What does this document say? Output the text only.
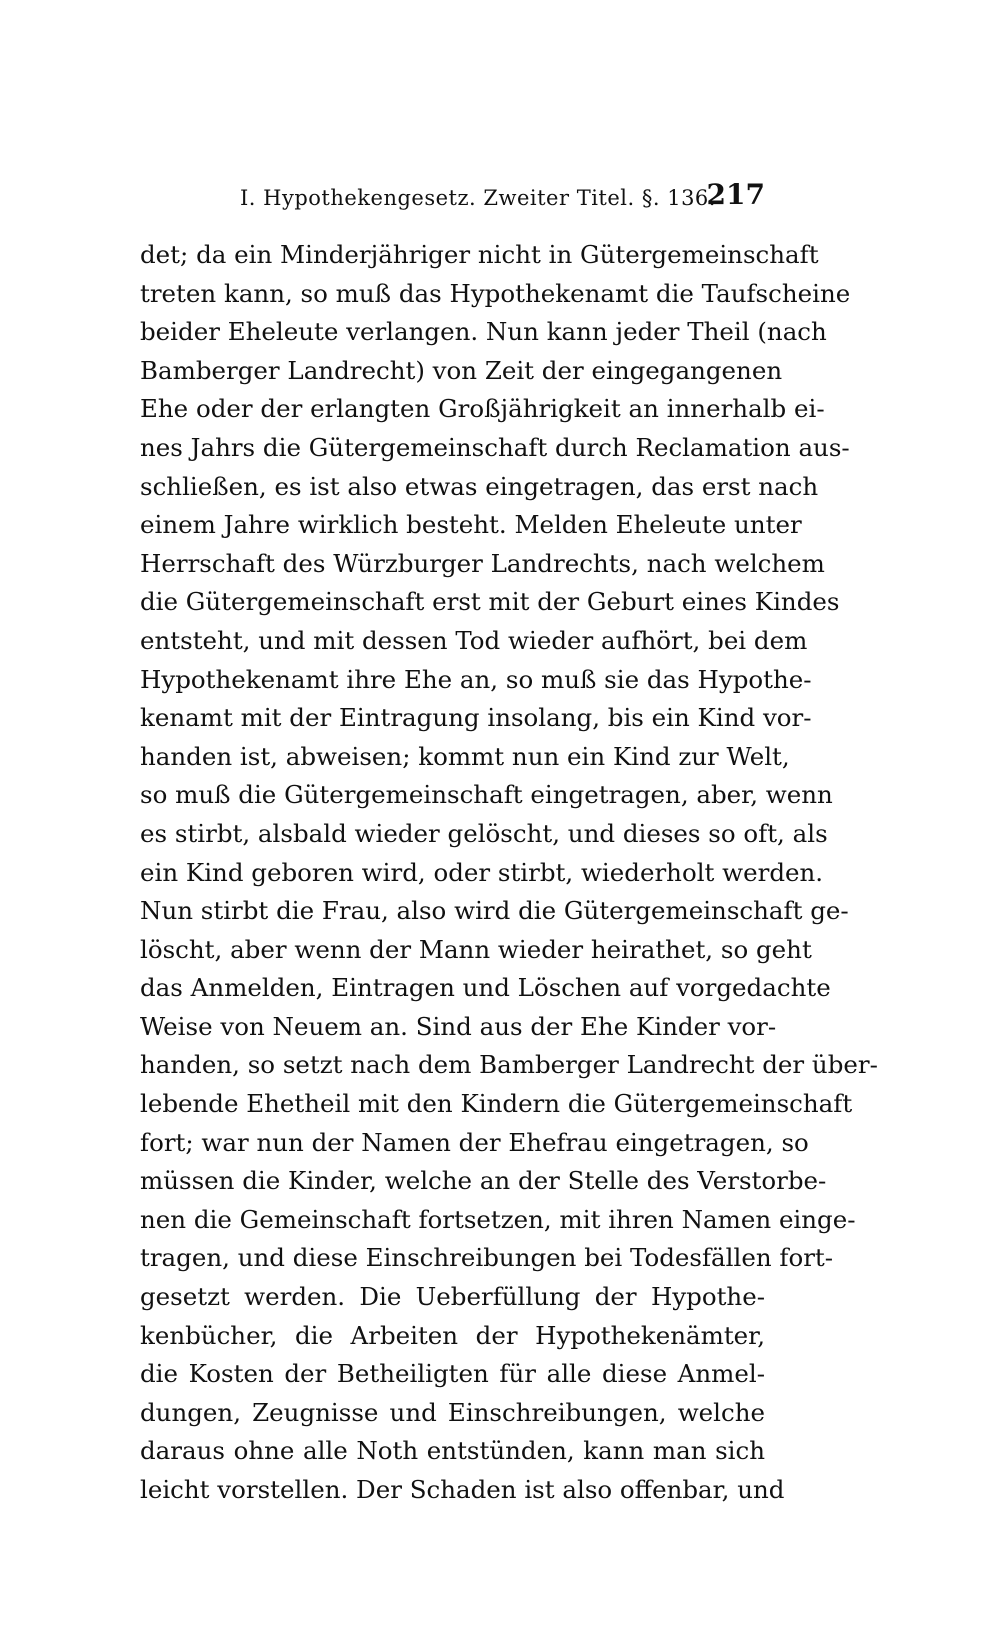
I. Hypothekengesetz. Zweiter Titel. §. 136.
217
det; da ein Minderjähriger nicht in Gütergemeinschaft
treten kann, so muß das Hypothekenamt die Taufscheine
beider Eheleute verlangen. Nun kann jeder Theil (nach
Bamberger Landrecht) von Zeit der eingegangenen
Ehe oder der erlangten Großjährigkeit an innerhalb ei-
nes Jahrs die Gütergemeinschaft durch Reclamation aus-
schließen, es ist also etwas eingetragen, das erst nach
einem Jahre wirklich besteht. Melden Eheleute unter
Herrschaft des Würzburger Landrechts, nach welchem
die Gütergemeinschaft erst mit der Geburt eines Kindes
entsteht, und mit dessen Tod wieder aufhört, bei dem
Hypothekenamt ihre Ehe an, so muß sie das Hypothe-
kenamt mit der Eintragung insolang, bis ein Kind vor-
handen ist, abweisen; kommt nun ein Kind zur Welt,
so muß die Gütergemeinschaft eingetragen, aber, wenn
es stirbt, alsbald wieder gelöscht, und dieses so oft, als
ein Kind geboren wird, oder stirbt, wiederholt werden.
Nun stirbt die Frau, also wird die Gütergemeinschaft ge-
löscht, aber wenn der Mann wieder heirathet, so geht
das Anmelden, Eintragen und Löschen auf vorgedachte
Weise von Neuem an. Sind aus der Ehe Kinder vor-
handen, so setzt nach dem Bamberger Landrecht der über-
lebende Ehetheil mit den Kindern die Gütergemeinschaft
fort; war nun der Namen der Ehefrau eingetragen, so
müssen die Kinder, welche an der Stelle des Verstorbe-
nen die Gemeinschaft fortsetzen, mit ihren Namen einge-
tragen, und diese Einschreibungen bei Todesfällen fort-
gesetzt werden. Die Ueberfüllung der Hypothe-
kenbücher, die Arbeiten der Hypothekenämter,
die Kosten der Betheiligten für alle diese Anmel-
dungen, Zeugnisse und Einschreibungen, welche
daraus ohne alle Noth entstünden, kann man sich
leicht vorstellen. Der Schaden ist also offenbar, und
